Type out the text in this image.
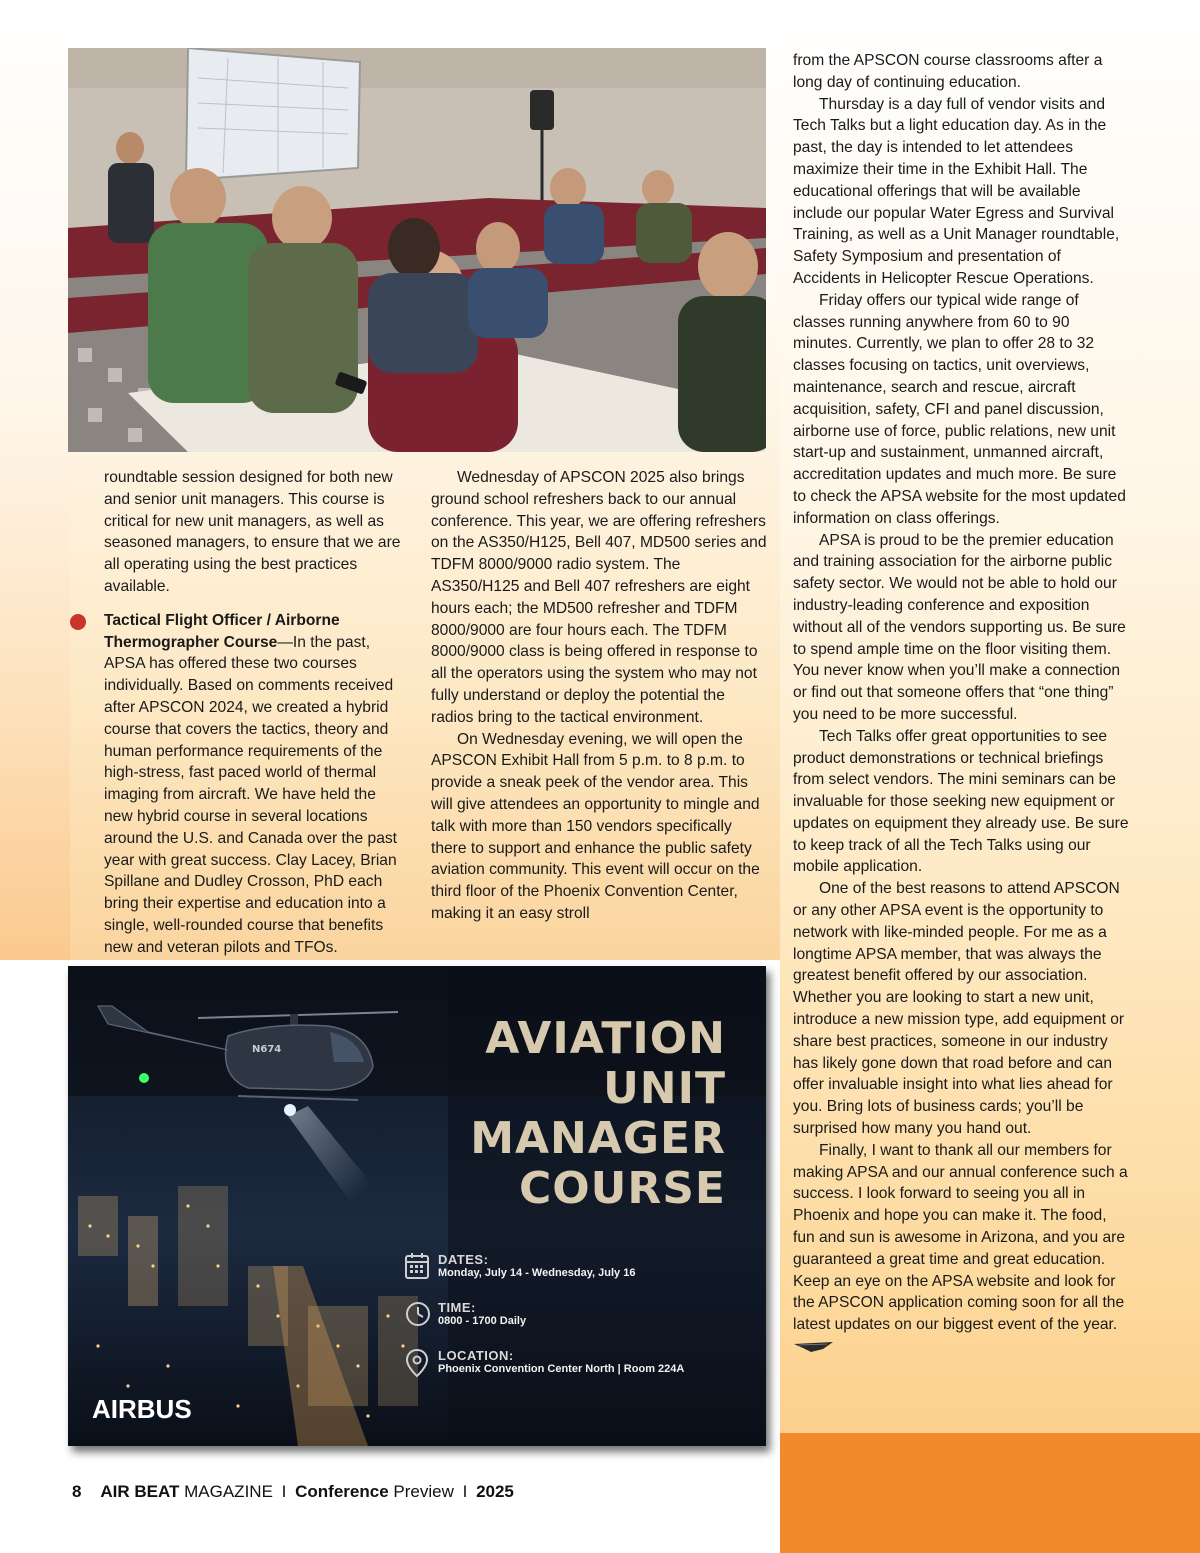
roundtable session designed for both new and senior unit managers. This course is critical for new unit managers, as well as seasoned managers, to ensure that we are all operating using the best practices available.

Tactical Flight Officer / Airborne Thermographer Course—In the past, APSA has offered these two courses individually. Based on comments received after APSCON 2024, we created a hybrid course that covers the tactics, theory and human performance requirements of the high-stress, fast paced world of thermal imaging from aircraft. We have held the new hybrid course in several locations around the U.S. and Canada over the past year with great success. Clay Lacey, Brian Spillane and Dudley Crosson, PhD each bring their expertise and education into a single, well-rounded course that benefits new and veteran pilots and TFOs.

Wednesday of APSCON 2025 also brings ground school refreshers back to our annual conference. This year, we are offering refreshers on the AS350/H125, Bell 407, MD500 series and TDFM 8000/9000 radio system. The AS350/H125 and Bell 407 refreshers are eight hours each; the MD500 refresher and TDFM 8000/9000 are four hours each. The TDFM 8000/9000 class is being offered in response to all the operators using the system who may not fully understand or deploy the potential the radios bring to the tactical environment.

On Wednesday evening, we will open the APSCON Exhibit Hall from 5 p.m. to 8 p.m. to provide a sneak peek of the vendor area. This will give attendees an opportunity to mingle and talk with more than 150 vendors specifically there to support and enhance the public safety aviation community. This event will occur on the third floor of the Phoenix Convention Center, making it an easy stroll

from the APSCON course classrooms after a long day of continuing education.

Thursday is a day full of vendor visits and Tech Talks but a light education day. As in the past, the day is intended to let attendees maximize their time in the Exhibit Hall. The educational offerings that will be available include our popular Water Egress and Survival Training, as well as a Unit Manager roundtable, Safety Symposium and presentation of Accidents in Helicopter Rescue Operations.

Friday offers our typical wide range of classes running anywhere from 60 to 90 minutes. Currently, we plan to offer 28 to 32 classes focusing on tactics, unit overviews, maintenance, search and rescue, aircraft acquisition, safety, CFI and panel discussion, airborne use of force, public relations, new unit start-up and sustainment, unmanned aircraft, accreditation updates and much more. Be sure to check the APSA website for the most updated information on class offerings.

APSA is proud to be the premier education and training association for the airborne public safety sector. We would not be able to hold our industry-leading conference and exposition without all of the vendors supporting us. Be sure to spend ample time on the floor visiting them. You never know when you’ll make a connection or find out that someone offers that “one thing” you need to be more successful.

Tech Talks offer great opportunities to see product demonstrations or technical briefings from select vendors. The mini seminars can be invaluable for those seeking new equipment or updates on equipment they already use. Be sure to keep track of all the Tech Talks using our mobile application.

One of the best reasons to attend APSCON or any other APSA event is the opportunity to network with like-minded people. For me as a longtime APSA member, that was always the greatest benefit offered by our association. Whether you are looking to start a new unit, introduce a new mission type, add equipment or share best practices, someone in our industry has likely gone down that road before and can offer invaluable insight into what lies ahead for you. Bring lots of business cards; you’ll be surprised how many you hand out.

Finally, I want to thank all our members for making APSA and our annual conference such a success. I look forward to seeing you all in Phoenix and hope you can make it. The food, fun and sun is awesome in Arizona, and you are guaranteed a great time and great education. Keep an eye on the APSA website and look for the APSCON application coming soon for all the latest updates on our biggest event of the year.

N674	AVIATION
UNIT
MANAGER
COURSE
DATES:
Monday, July 14 - Wednesday, July 16
TIME:
0800 - 1700 Daily
LOCATION:
Phoenix Convention Center North | Room 224A
AIRBUS
8 AIR BEAT MAGAZINE I Conference Preview I 2025
